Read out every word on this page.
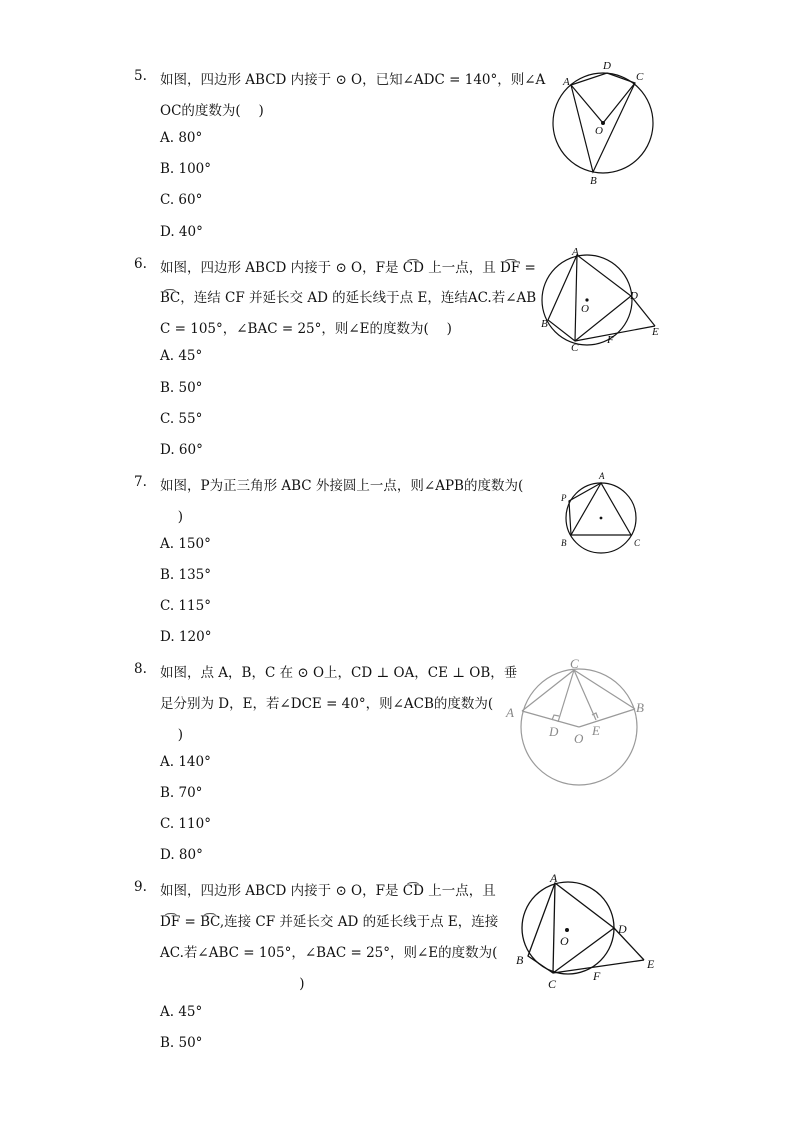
5. 如图，四边形 ABCD 内接于 ⊙ O，已知∠ADC = 140°，则∠A
OC的度数为(　 )
A. 80°
B. 100°
C. 60°
D. 40°
A
D
C
O
B
6. 如图，四边形 ABCD 内接于 ⊙ O，F是 C͡D 上一点，且 D͡F =
B͡C，连结 CF 并延长交 AD 的延长线于点 E，连结AC.若∠AB
C = 105°，∠BAC = 25°，则∠E的度数为(　 )
A. 45°
B. 50°
C. 55°
D. 60°
A
B
C
D
E
F
O
7. 如图，P为正三角形 ABC 外接圆上一点，则∠APB的度数为(
　 )
A. 150°
B. 135°
C. 115°
D. 120°
A
P
B	C
8. 如图，点 A，B，C 在 ⊙ O上，CD ⊥ OA，CE ⊥ OB，垂
足分别为 D，E，若∠DCE = 40°，则∠ACB的度数为(
　 )
A. 140°
B. 70°
C. 110°
D. 80°
C
A	B
D	E
O
9. 如图，四边形 ABCD 内接于 ⊙ O，F是 C͡D 上一点，且
D͡F = B͡C,连接 CF 并延长交 AD 的延长线于点 E，连接
AC.若∠ABC = 105°，∠BAC = 25°，则∠E的度数为(
　　　　　　　　　　 )
A. 45°
B. 50°
A
B
C
D
E
F
O
